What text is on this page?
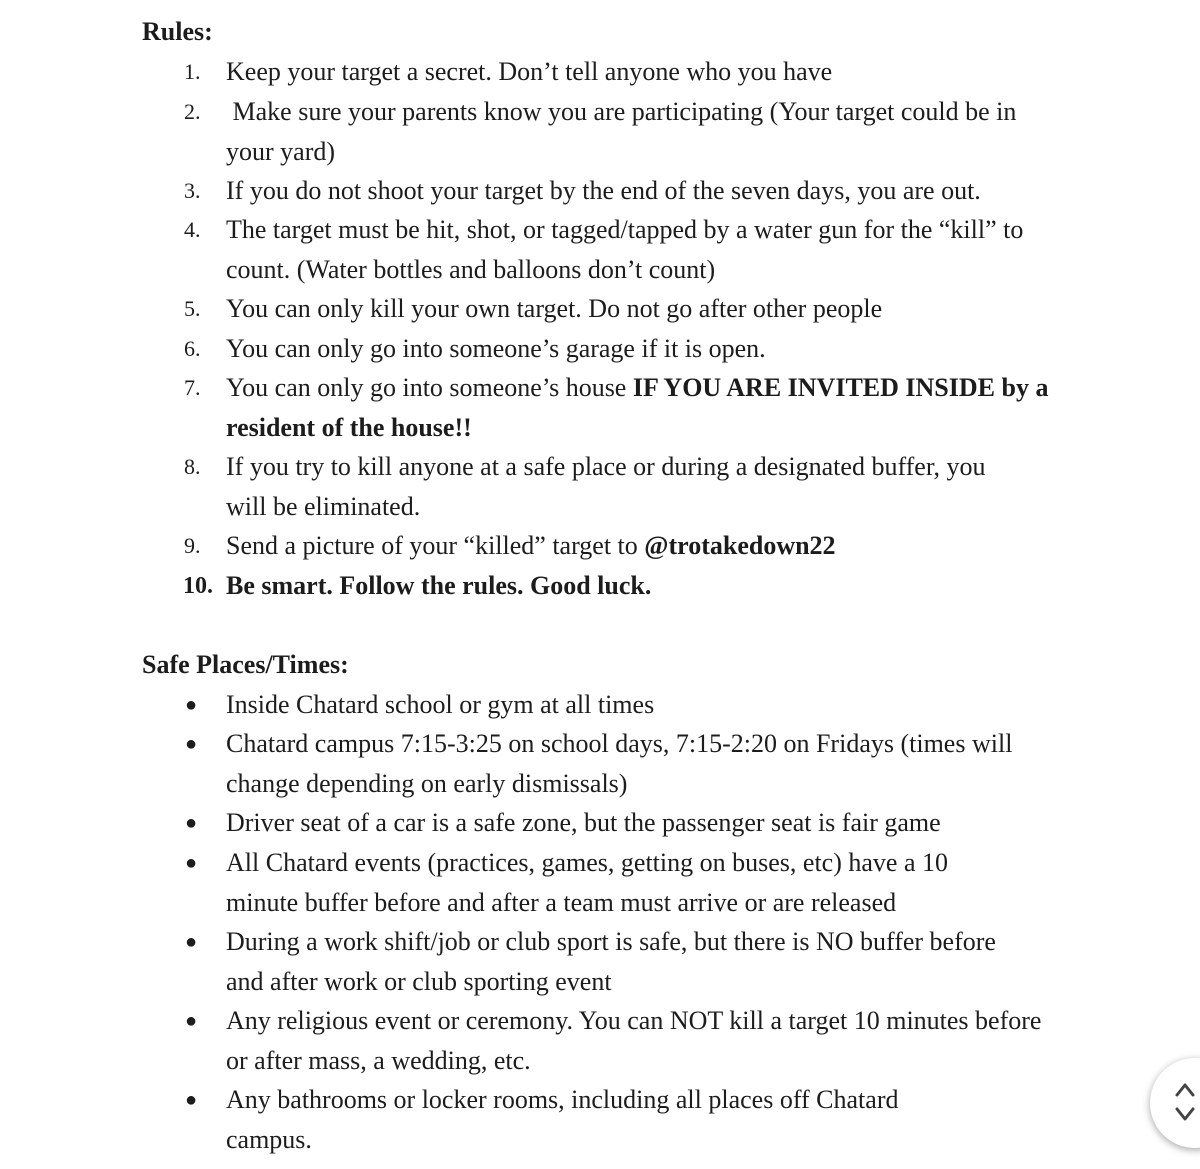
Rules:
1. Keep your target a secret. Don’t tell anyone who you have
2. Make sure your parents know you are participating (Your target could be in your yard)
3. If you do not shoot your target by the end of the seven days, you are out.
4. The target must be hit, shot, or tagged/tapped by a water gun for the “kill” to count. (Water bottles and balloons don’t count)
5. You can only kill your own target. Do not go after other people
6. You can only go into someone’s garage if it is open.
7. You can only go into someone’s house IF YOU ARE INVITED INSIDE by a resident of the house!!
8. If you try to kill anyone at a safe place or during a designated buffer, you will be eliminated.
9. Send a picture of your “killed” target to @trotakedown22
10. Be smart. Follow the rules. Good luck.
Safe Places/Times:
●	Inside Chatard school or gym at all times
●	Chatard campus 7:15-3:25 on school days, 7:15-2:20 on Fridays (times will change depending on early dismissals)
●	Driver seat of a car is a safe zone, but the passenger seat is fair game
●	All Chatard events (practices, games, getting on buses, etc) have a 10 minute buffer before and after a team must arrive or are released
●	During a work shift/job or club sport is safe, but there is NO buffer before and after work or club sporting event
●	Any religious event or ceremony. You can NOT kill a target 10 minutes before or after mass, a wedding, etc.
●	Any bathrooms or locker rooms, including all places off Chatard campus.
